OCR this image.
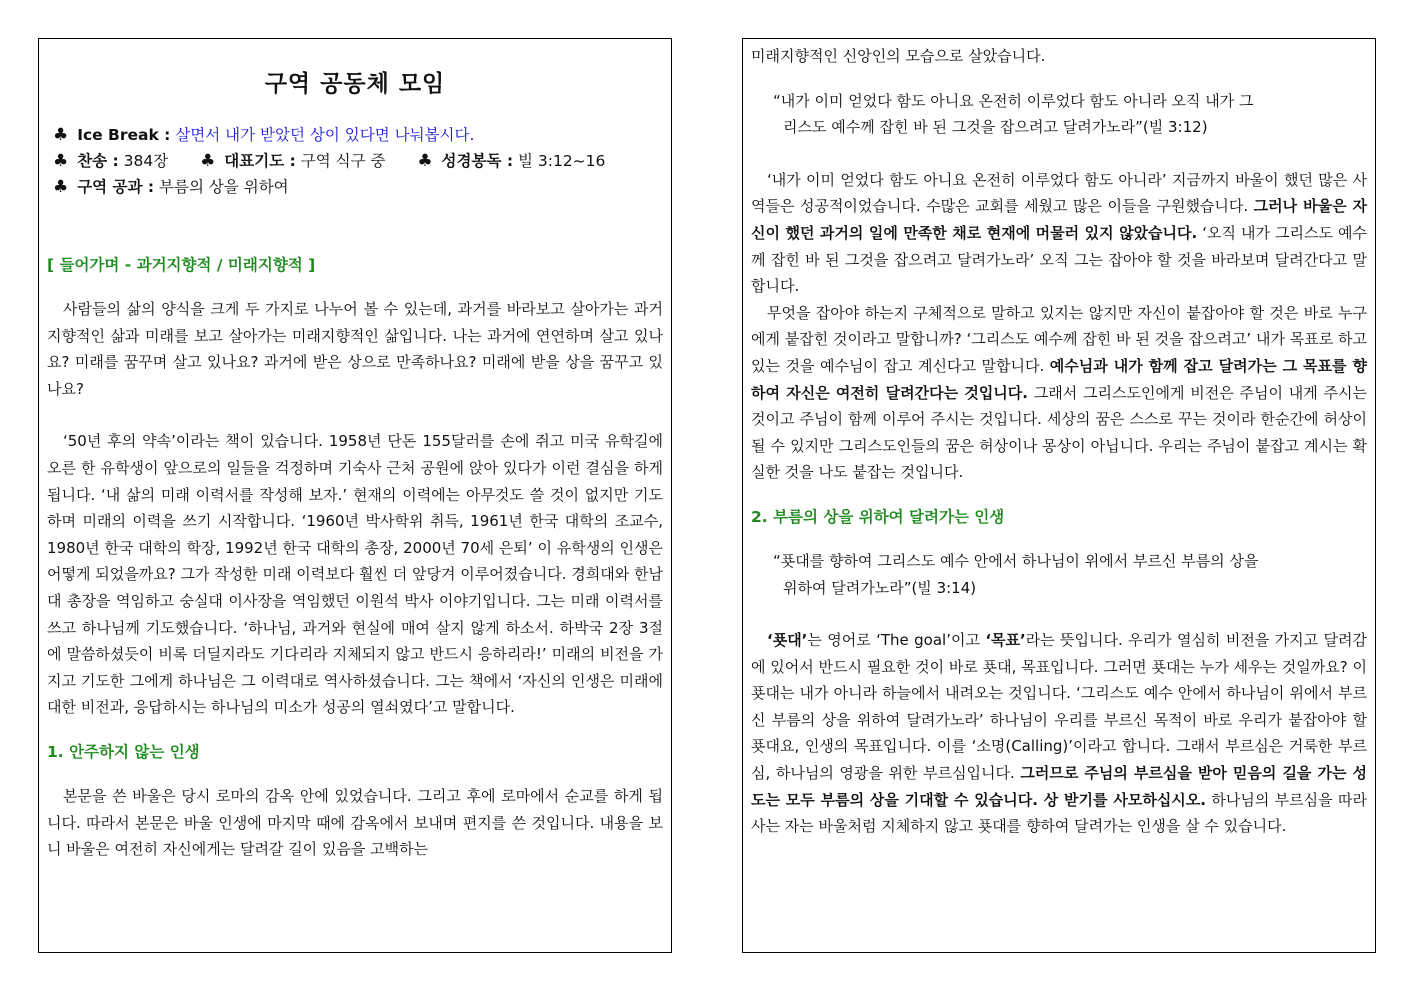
구역 공동체 모임
♣ Ice Break : 살면서 내가 받았던 상이 있다면 나눠봅시다.
♣ 찬송 : 384장 ♣ 대표기도 : 구역 식구 중 ♣ 성경봉독 : 빌 3:12~16
♣ 구역 공과 : 부름의 상을 위하여
[ 들어가며 - 과거지향적 / 미래지향적 ]

사람들의 삶의 양식을 크게 두 가지로 나누어 볼 수 있는데, 과거를 바라보고 살아가는 과거지향적인 삶과 미래를 보고 살아가는 미래지향적인 삶입니다. 나는 과거에 연연하며 살고 있나요? 미래를 꿈꾸며 살고 있나요? 과거에 받은 상으로 만족하나요? 미래에 받을 상을 꿈꾸고 있나요?

‘50년 후의 약속’이라는 책이 있습니다. 1958년 단돈 155달러를 손에 쥐고 미국 유학길에 오른 한 유학생이 앞으로의 일들을 걱정하며 기숙사 근처 공원에 앉아 있다가 이런 결심을 하게 됩니다. ‘내 삶의 미래 이력서를 작성해 보자.’ 현재의 이력에는 아무것도 쓸 것이 없지만 기도하며 미래의 이력을 쓰기 시작합니다. ‘1960년 박사학위 취득, 1961년 한국 대학의 조교수, 1980년 한국 대학의 학장, 1992년 한국 대학의 총장, 2000년 70세 은퇴’ 이 유학생의 인생은 어떻게 되었을까요? 그가 작성한 미래 이력보다 훨씬 더 앞당겨 이루어졌습니다. 경희대와 한남대 총장을 역임하고 숭실대 이사장을 역임했던 이원석 박사 이야기입니다. 그는 미래 이력서를 쓰고 하나님께 기도했습니다. ‘하나님, 과거와 현실에 매여 살지 않게 하소서. 하박국 2장 3절에 말씀하셨듯이 비록 더딜지라도 기다리라 지체되지 않고 반드시 응하리라!’ 미래의 비전을 가지고 기도한 그에게 하나님은 그 이력대로 역사하셨습니다. 그는 책에서 ‘자신의 인생은 미래에 대한 비전과, 응답하시는 하나님의 미소가 성공의 열쇠였다’고 말합니다.

1. 안주하지 않는 인생

본문을 쓴 바울은 당시 로마의 감옥 안에 있었습니다. 그리고 후에 로마에서 순교를 하게 됩니다. 따라서 본문은 바울 인생에 마지막 때에 감옥에서 보내며 편지를 쓴 것입니다. 내용을 보니 바울은 여전히 자신에게는 달려갈 길이 있음을 고백하는

미래지향적인 신앙인의 모습으로 살았습니다.

“내가 이미 얻었다 함도 아니요 온전히 이루었다 함도 아니라 오직 내가 그
리스도 예수께 잡힌 바 된 그것을 잡으려고 달려가노라”(빌 3:12)

‘내가 이미 얻었다 함도 아니요 온전히 이루었다 함도 아니라’ 지금까지 바울이 했던 많은 사역들은 성공적이었습니다. 수많은 교회를 세웠고 많은 이들을 구원했습니다. 그러나 바울은 자신이 했던 과거의 일에 만족한 채로 현재에 머물러 있지 않았습니다. ‘오직 내가 그리스도 예수께 잡힌 바 된 그것을 잡으려고 달려가노라’ 오직 그는 잡아야 할 것을 바라보며 달려간다고 말합니다.

무엇을 잡아야 하는지 구체적으로 말하고 있지는 않지만 자신이 붙잡아야 할 것은 바로 누구에게 붙잡힌 것이라고 말합니까? ‘그리스도 예수께 잡힌 바 된 것을 잡으려고’ 내가 목표로 하고 있는 것을 예수님이 잡고 계신다고 말합니다. 예수님과 내가 함께 잡고 달려가는 그 목표를 향하여 자신은 여전히 달려간다는 것입니다. 그래서 그리스도인에게 비전은 주님이 내게 주시는 것이고 주님이 함께 이루어 주시는 것입니다. 세상의 꿈은 스스로 꾸는 것이라 한순간에 허상이 될 수 있지만 그리스도인들의 꿈은 허상이나 몽상이 아닙니다. 우리는 주님이 붙잡고 계시는 확실한 것을 나도 붙잡는 것입니다.

2. 부름의 상을 위하여 달려가는 인생

“푯대를 향하여 그리스도 예수 안에서 하나님이 위에서 부르신 부름의 상을
위하여 달려가노라”(빌 3:14)

‘푯대’는 영어로 ‘The goal’이고 ‘목표’라는 뜻입니다. 우리가 열심히 비전을 가지고 달려감에 있어서 반드시 필요한 것이 바로 푯대, 목표입니다. 그러면 푯대는 누가 세우는 것일까요? 이 푯대는 내가 아니라 하늘에서 내려오는 것입니다. ‘그리스도 예수 안에서 하나님이 위에서 부르신 부름의 상을 위하여 달려가노라’ 하나님이 우리를 부르신 목적이 바로 우리가 붙잡아야 할 푯대요, 인생의 목표입니다. 이를 ‘소명(Calling)’이라고 합니다. 그래서 부르심은 거룩한 부르심, 하나님의 영광을 위한 부르심입니다. 그러므로 주님의 부르심을 받아 믿음의 길을 가는 성도는 모두 부름의 상을 기대할 수 있습니다. 상 받기를 사모하십시오. 하나님의 부르심을 따라 사는 자는 바울처럼 지체하지 않고 푯대를 향하여 달려가는 인생을 살 수 있습니다.
